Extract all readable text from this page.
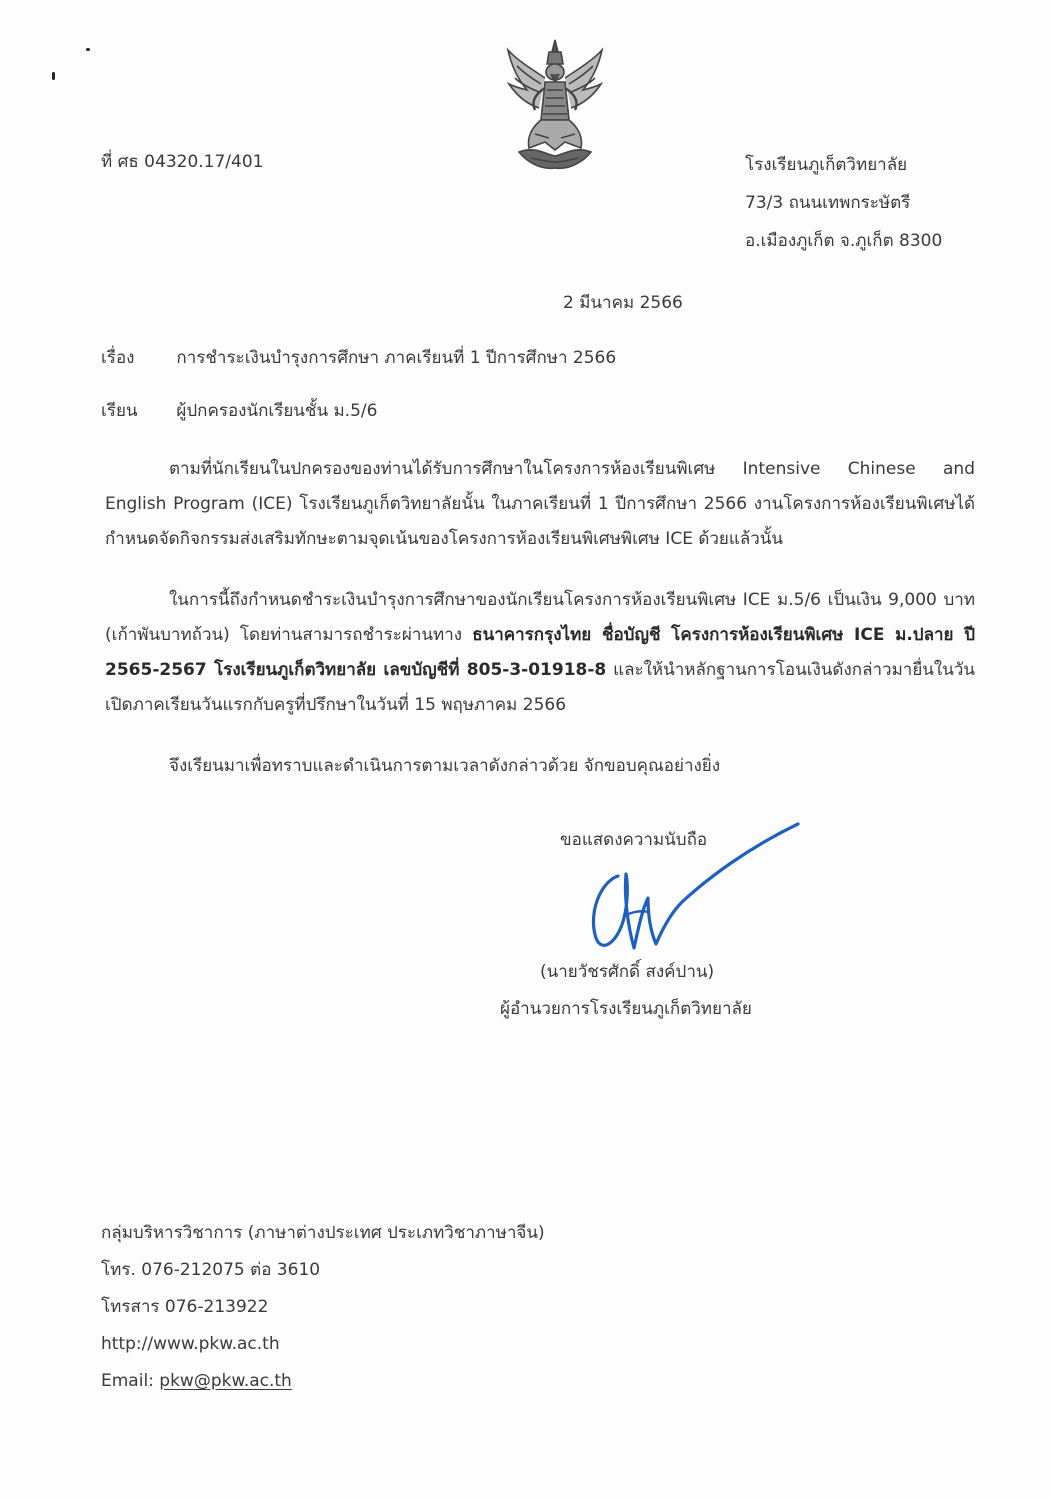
ที่ ศธ 04320.17/401	โรงเรียนภูเก็ตวิทยาลัย
73/3 ถนนเทพกระษัตรี
อ.เมืองภูเก็ต จ.ภูเก็ต 8300
2 มีนาคม 2566
เรื่อง การชำระเงินบำรุงการศึกษา ภาคเรียนที่ 1 ปีการศึกษา 2566
เรียน ผู้ปกครองนักเรียนชั้น ม.5/6
ตามที่นักเรียนในปกครองของท่านได้รับการศึกษาในโครงการห้องเรียนพิเศษ Intensive Chinese and English Program (ICE) โรงเรียนภูเก็ตวิทยาลัยนั้น ในภาคเรียนที่ 1 ปีการศึกษา 2566 งานโครงการห้องเรียนพิเศษได้กำหนดจัดกิจกรรมส่งเสริมทักษะตามจุดเน้นของโครงการห้องเรียนพิเศษพิเศษ ICE ด้วยแล้วนั้น
ในการนี้ถึงกำหนดชำระเงินบำรุงการศึกษาของนักเรียนโครงการห้องเรียนพิเศษ ICE ม.5/6 เป็นเงิน 9,000 บาท (เก้าพันบาทถ้วน) โดยท่านสามารถชำระผ่านทาง ธนาคารกรุงไทย ชื่อบัญชี โครงการห้องเรียนพิเศษ ICE ม.ปลาย ปี 2565-2567 โรงเรียนภูเก็ตวิทยาลัย เลขบัญชีที่ 805-3-01918-8 และให้นำหลักฐานการโอนเงินดังกล่าวมายื่นในวันเปิดภาคเรียนวันแรกกับครูที่ปรึกษาในวันที่ 15 พฤษภาคม 2566
จึงเรียนมาเพื่อทราบและดำเนินการตามเวลาดังกล่าวด้วย จักขอบคุณอย่างยิ่ง
ขอแสดงความนับถือ
(นายวัชรศักดิ์ สงค์ปาน)
ผู้อำนวยการโรงเรียนภูเก็ตวิทยาลัย
กลุ่มบริหารวิชาการ (ภาษาต่างประเทศ ประเภทวิชาภาษาจีน)
โทร. 076-212075 ต่อ 3610
โทรสาร 076-213922
http://www.pkw.ac.th
Email: pkw@pkw.ac.th
